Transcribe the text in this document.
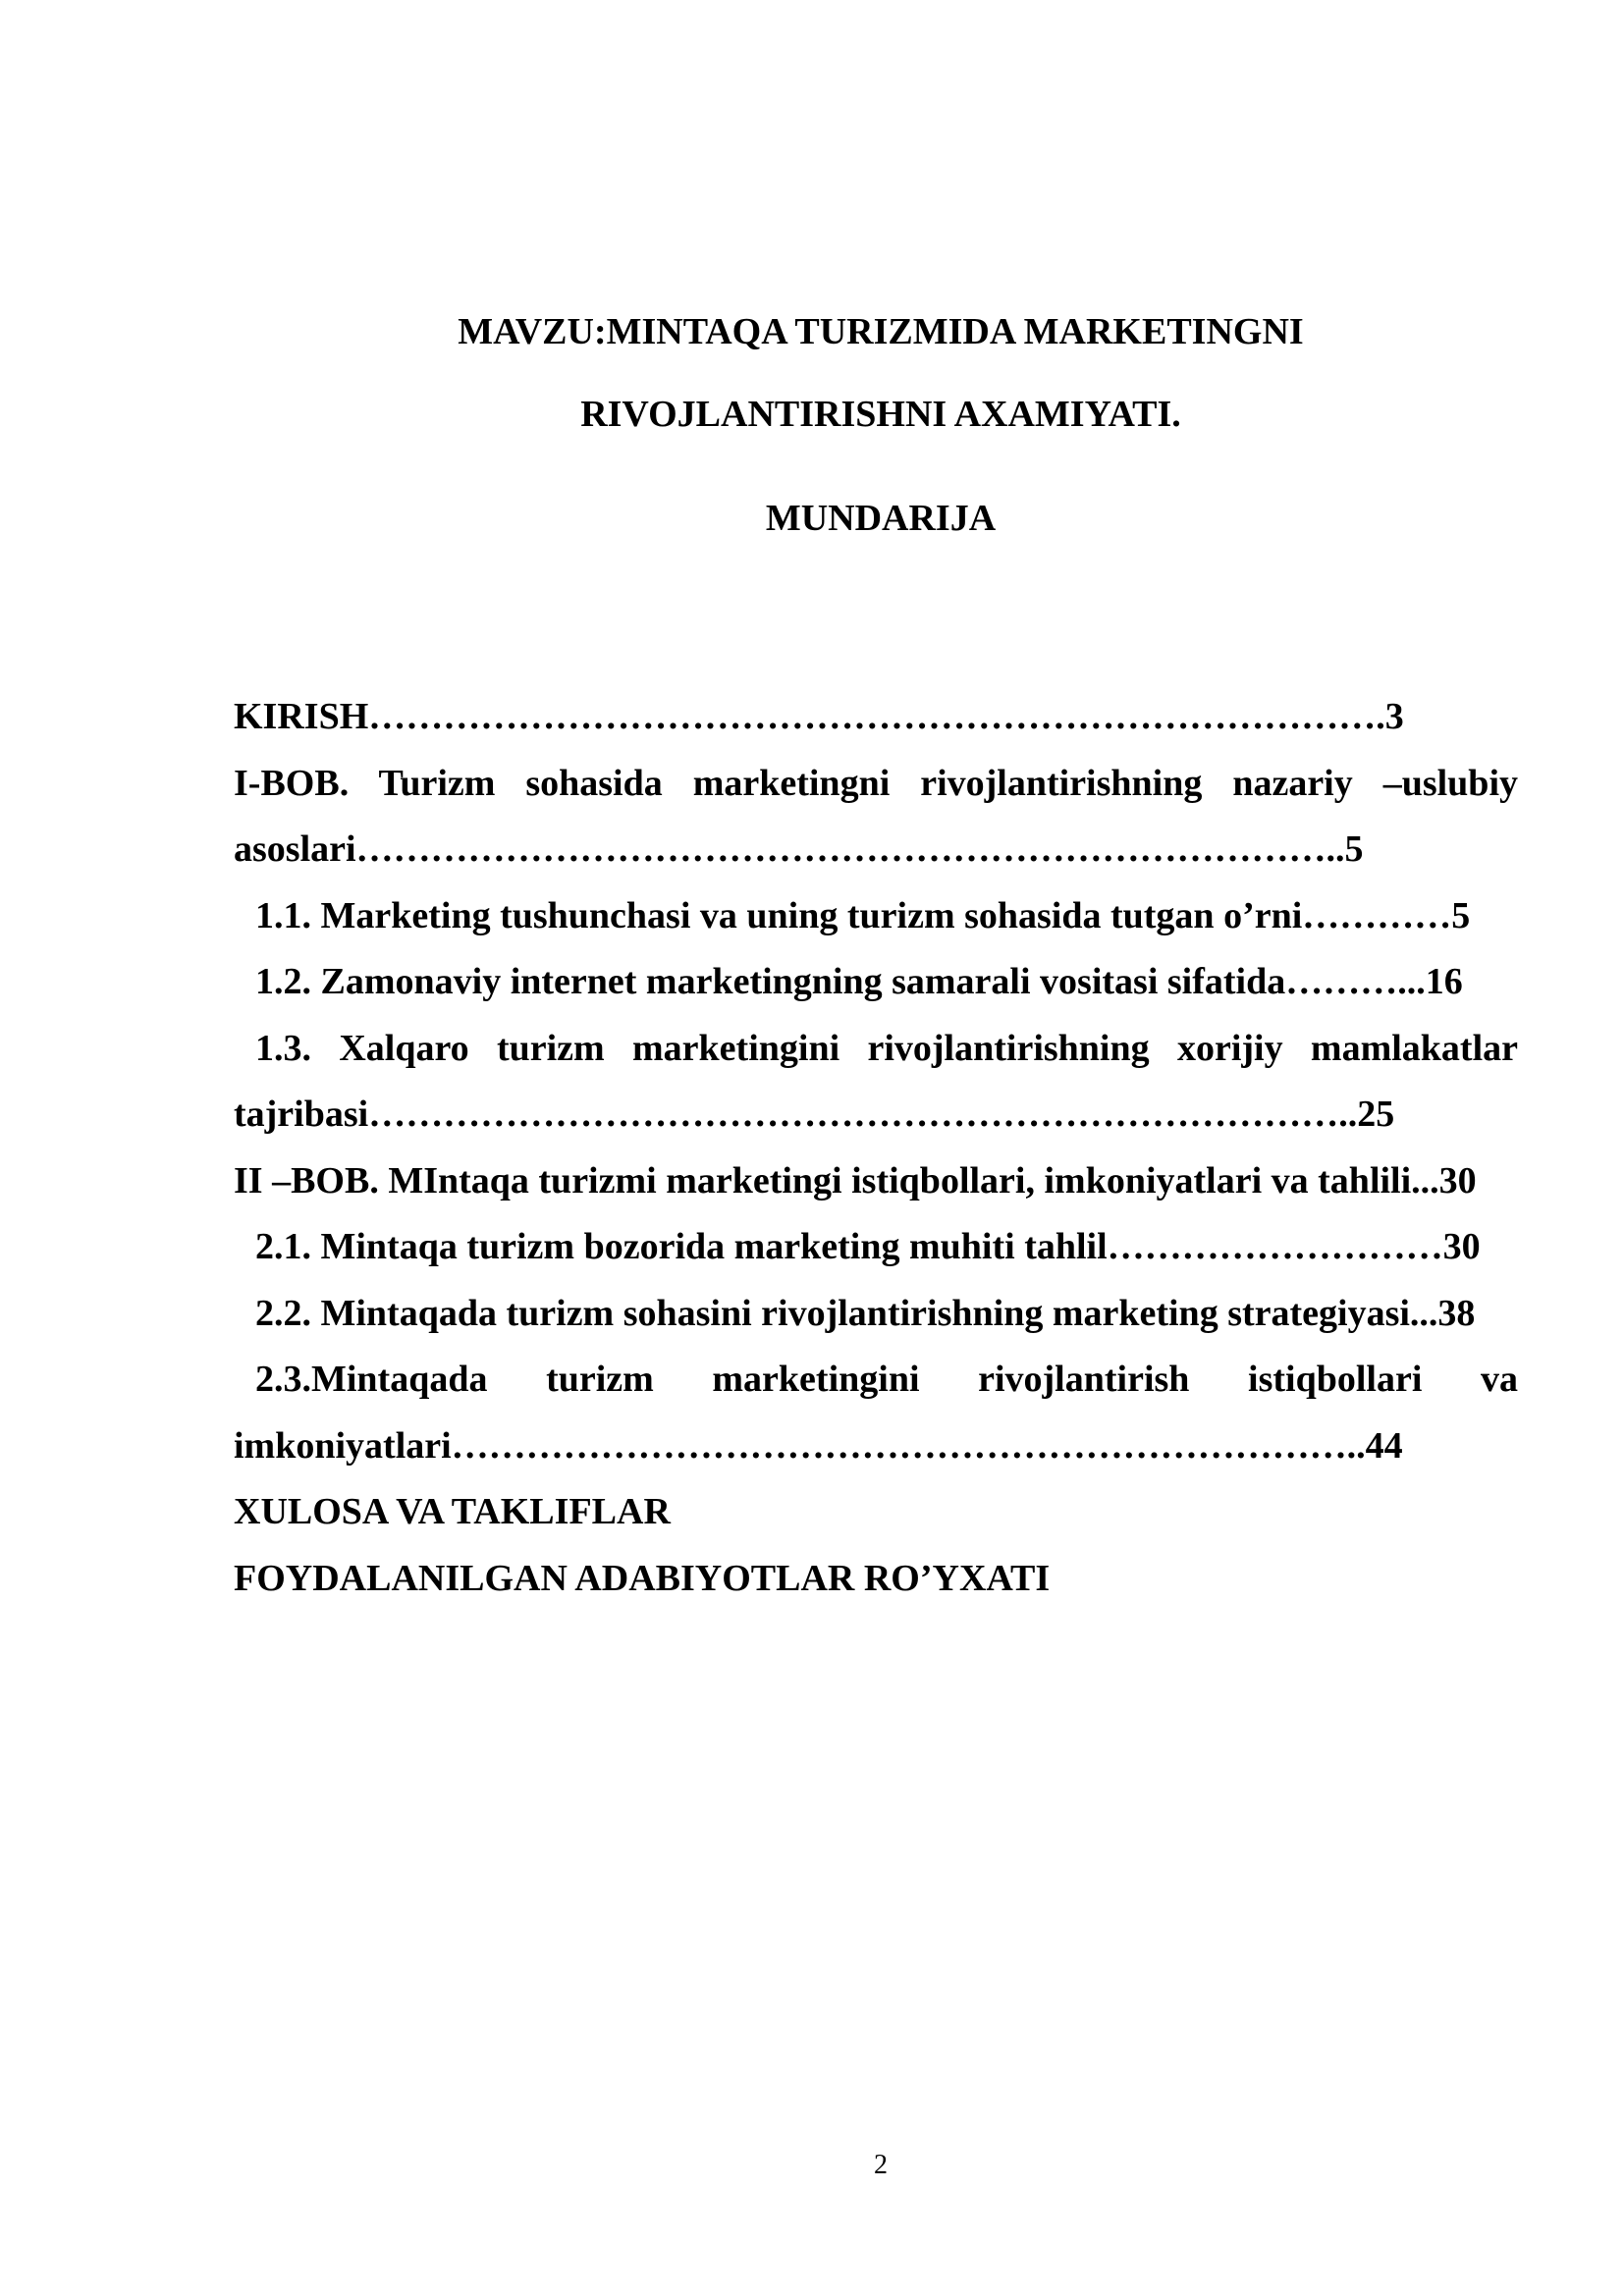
MAVZU:MINTAQA TURIZMIDA MARKETINGNI
RIVOJLANTIRISHNI AXAMIYATI.
MUNDARIJA
KIRISH……………………………………………………………………….3
I-BOB. Turizm sohasida marketingni rivojlantirishning nazariy –uslubiy
asoslari……………………………………………………………………..5
1.1. Marketing tushunchasi va uning turizm sohasida tutgan o’rni…………5
1.2. Zamonaviy internet marketingning samarali vositasi sifatida………...16
1.3. Xalqaro turizm marketingini rivojlantirishning xorijiy mamlakatlar
tajribasi……………………………………………………………………..25
II –BOB. MIntaqa turizmi marketingi istiqbollari, imkoniyatlari va tahlili...30
2.1. Mintaqa turizm bozorida marketing muhiti tahlil………………………30
2.2. Mintaqada turizm sohasini rivojlantirishning marketing strategiyasi...38
2.3.Mintaqada turizm marketingini rivojlantirish istiqbollari va
imkoniyatlari………………………………………………………………..44
XULOSA VA TAKLIFLAR
FOYDALANILGAN ADABIYOTLAR RO’YXATI
2
